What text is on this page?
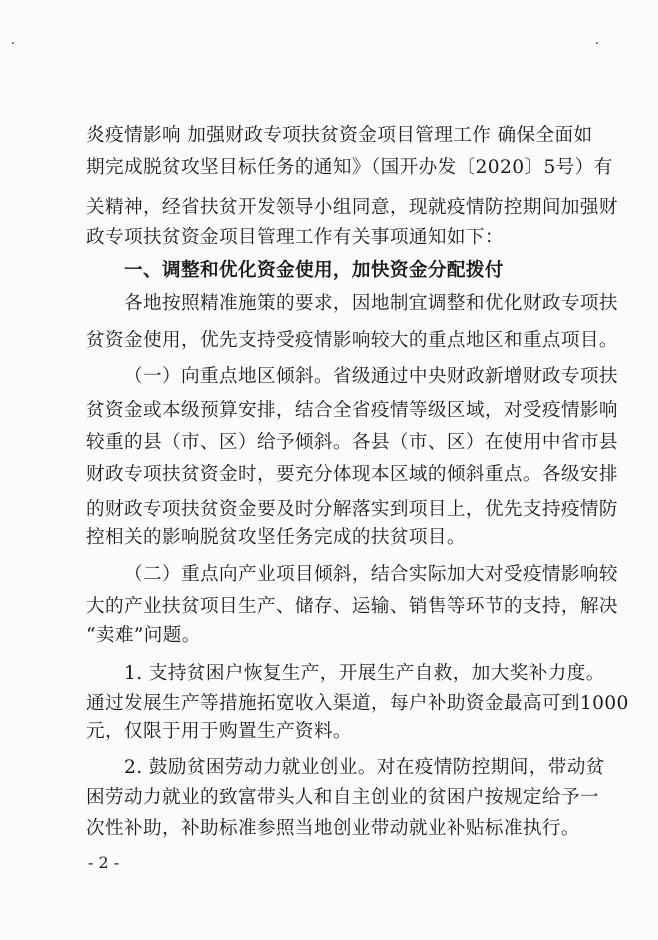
炎疫情影响 加强财政专项扶贫资金项目管理工作 确保全面如
期完成脱贫攻坚目标任务的通知》（国开办发〔2020〕5号）有
关精神，经省扶贫开发领导小组同意，现就疫情防控期间加强财
政专项扶贫资金项目管理工作有关事项通知如下：
一、调整和优化资金使用，加快资金分配拨付
各地按照精准施策的要求，因地制宜调整和优化财政专项扶
贫资金使用，优先支持受疫情影响较大的重点地区和重点项目。
（一）向重点地区倾斜。省级通过中央财政新增财政专项扶
贫资金或本级预算安排，结合全省疫情等级区域，对受疫情影响
较重的县（市、区）给予倾斜。各县（市、区）在使用中省市县
财政专项扶贫资金时，要充分体现本区域的倾斜重点。各级安排
的财政专项扶贫资金要及时分解落实到项目上，优先支持疫情防
控相关的影响脱贫攻坚任务完成的扶贫项目。
（二）重点向产业项目倾斜，结合实际加大对受疫情影响较
大的产业扶贫项目生产、储存、运输、销售等环节的支持，解决
“卖难”问题。
1. 支持贫困户恢复生产，开展生产自救，加大奖补力度。
通过发展生产等措施拓宽收入渠道，每户补助资金最高可到1000
元，仅限于用于购置生产资料。
2. 鼓励贫困劳动力就业创业。对在疫情防控期间，带动贫
困劳动力就业的致富带头人和自主创业的贫困户按规定给予一
次性补助，补助标准参照当地创业带动就业补贴标准执行。
- 2 -
